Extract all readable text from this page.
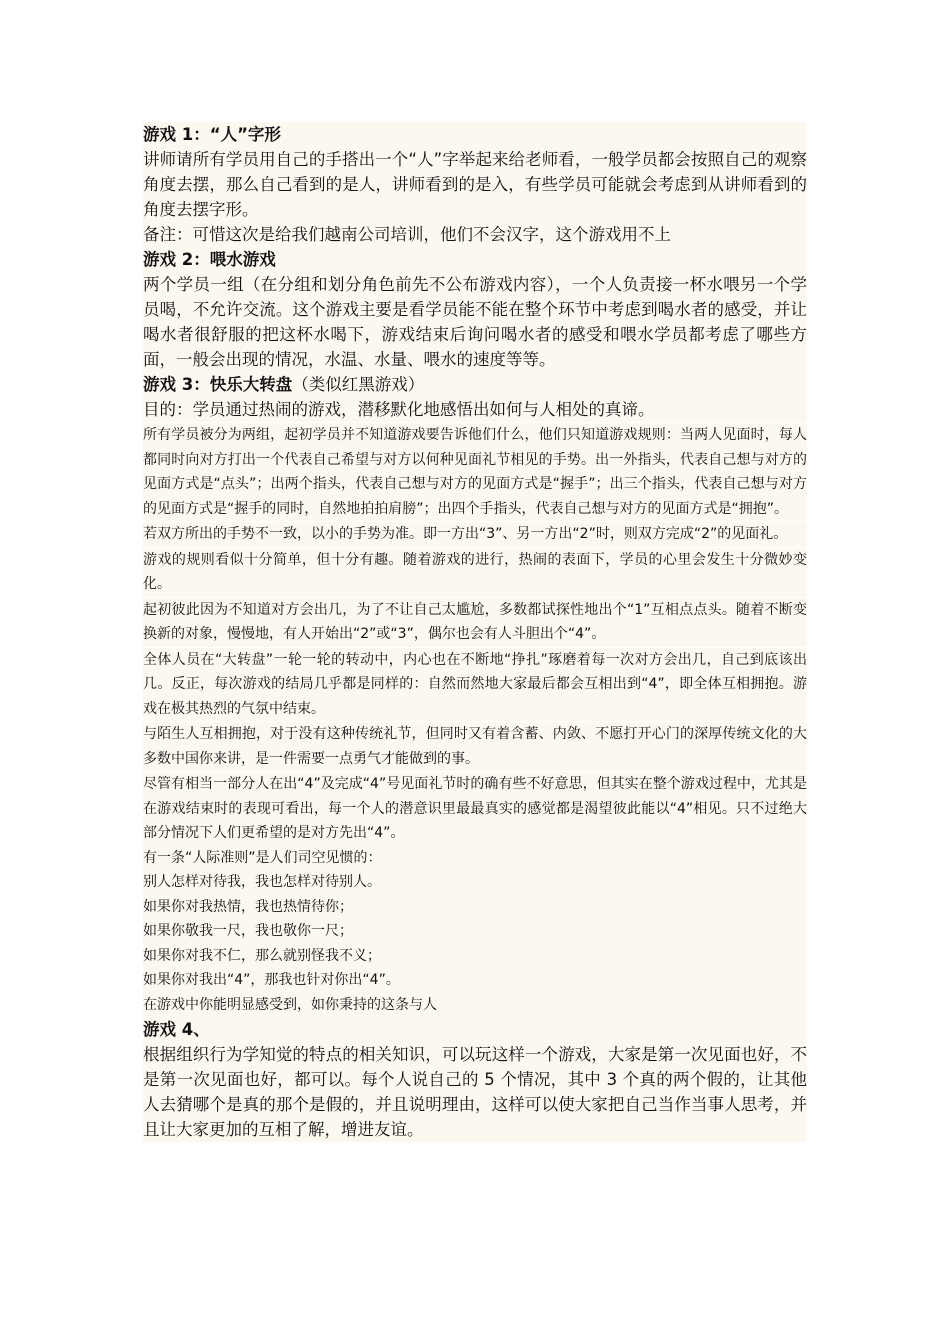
游戏 1：“人”字形

讲师请所有学员用自己的手搭出一个“人”字举起来给老师看，一般学员都会按照自己的观察角度去摆，那么自己看到的是人，讲师看到的是入，有些学员可能就会考虑到从讲师看到的角度去摆字形。

备注：可惜这次是给我们越南公司培训，他们不会汉字，这个游戏用不上

游戏 2：喂水游戏

两个学员一组（在分组和划分角色前先不公布游戏内容），一个人负责接一杯水喂另一个学员喝，不允许交流。这个游戏主要是看学员能不能在整个环节中考虑到喝水者的感受，并让喝水者很舒服的把这杯水喝下，游戏结束后询问喝水者的感受和喂水学员都考虑了哪些方面，一般会出现的情况，水温、水量、喂水的速度等等。

游戏 3：快乐大转盘（类似红黑游戏）

目的：学员通过热闹的游戏，潜移默化地感悟出如何与人相处的真谛。

所有学员被分为两组，起初学员并不知道游戏要告诉他们什么，他们只知道游戏规则：当两人见面时，每人都同时向对方打出一个代表自己希望与对方以何种见面礼节相见的手势。出一外指头，代表自己想与对方的见面方式是“点头”；出两个指头，代表自己想与对方的见面方式是“握手”；出三个指头，代表自己想与对方的见面方式是“握手的同时，自然地拍拍肩膀”；出四个手指头，代表自己想与对方的见面方式是“拥抱”。

若双方所出的手势不一致，以小的手势为准。即一方出“3”、另一方出“2”时，则双方完成“2”的见面礼。

游戏的规则看似十分简单，但十分有趣。随着游戏的进行，热闹的表面下，学员的心里会发生十分微妙变化。

起初彼此因为不知道对方会出几，为了不让自己太尴尬，多数都试探性地出个“1”互相点点头。随着不断变换新的对象，慢慢地，有人开始出“2”或“3”，偶尔也会有人斗胆出个“4”。

全体人员在“大转盘”一轮一轮的转动中，内心也在不断地“挣扎”琢磨着每一次对方会出几，自己到底该出几。反正，每次游戏的结局几乎都是同样的：自然而然地大家最后都会互相出到“4”，即全体互相拥抱。游戏在极其热烈的气氛中结束。

与陌生人互相拥抱，对于没有这种传统礼节，但同时又有着含蓄、内敛、不愿打开心门的深厚传统文化的大多数中国你来讲，是一件需要一点勇气才能做到的事。

尽管有相当一部分人在出“4”及完成“4”号见面礼节时的确有些不好意思，但其实在整个游戏过程中，尤其是在游戏结束时的表现可看出，每一个人的潜意识里最最真实的感觉都是渴望彼此能以“4”相见。只不过绝大部分情况下人们更希望的是对方先出“4”。

有一条“人际准则”是人们司空见惯的：

别人怎样对待我，我也怎样对待别人。

如果你对我热情，我也热情待你；

如果你敬我一尺，我也敬你一尺；

如果你对我不仁，那么就别怪我不义；

如果你对我出“4”，那我也针对你出“4”。

在游戏中你能明显感受到，如你秉持的这条与人

游戏 4、

根据组织行为学知觉的特点的相关知识，可以玩这样一个游戏，大家是第一次见面也好，不是第一次见面也好，都可以。每个人说自己的 5 个情况，其中 3 个真的两个假的，让其他人去猜哪个是真的那个是假的，并且说明理由，这样可以使大家把自己当作当事人思考，并且让大家更加的互相了解，增进友谊。
